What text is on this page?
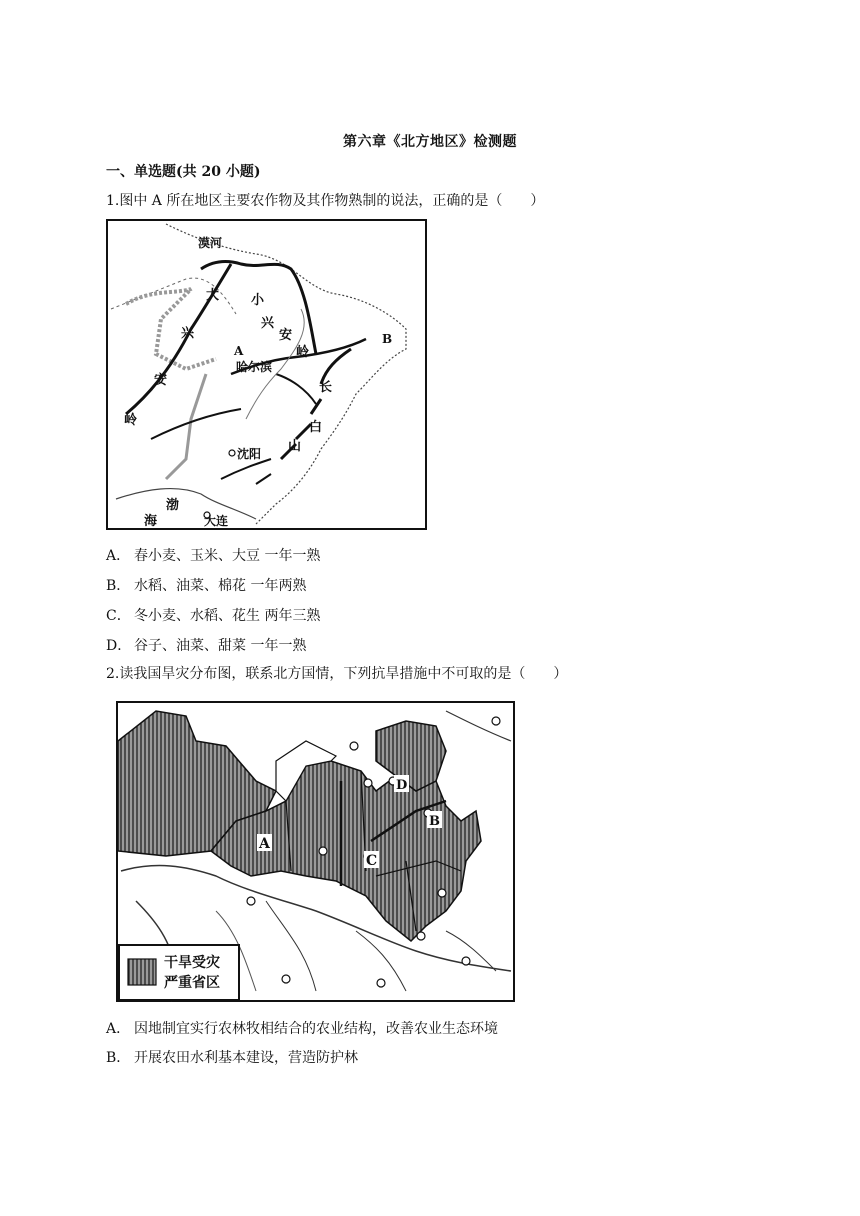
第六章《北方地区》检测题
一、单选题(共 20 小题)
1.图中 A 所在地区主要农作物及其作物熟制的说法，正确的是（　　）
漠河
大
兴
安
岭
小
兴
安
岭
A
哈尔滨
B
长
白
山
沈阳
渤
海	大连
A． 春小麦、玉米、大豆 一年一熟
B． 水稻、油菜、棉花 一年两熟
C． 冬小麦、水稻、花生 两年三熟
D． 谷子、油菜、甜菜 一年一熟
2.读我国旱灾分布图，联系北方国情，下列抗旱措施中不可取的是（　　）
A
B
C
D
干旱受灾
严重省区
A． 因地制宜实行农林牧相结合的农业结构，改善农业生态环境
B． 开展农田水利基本建设，营造防护林
